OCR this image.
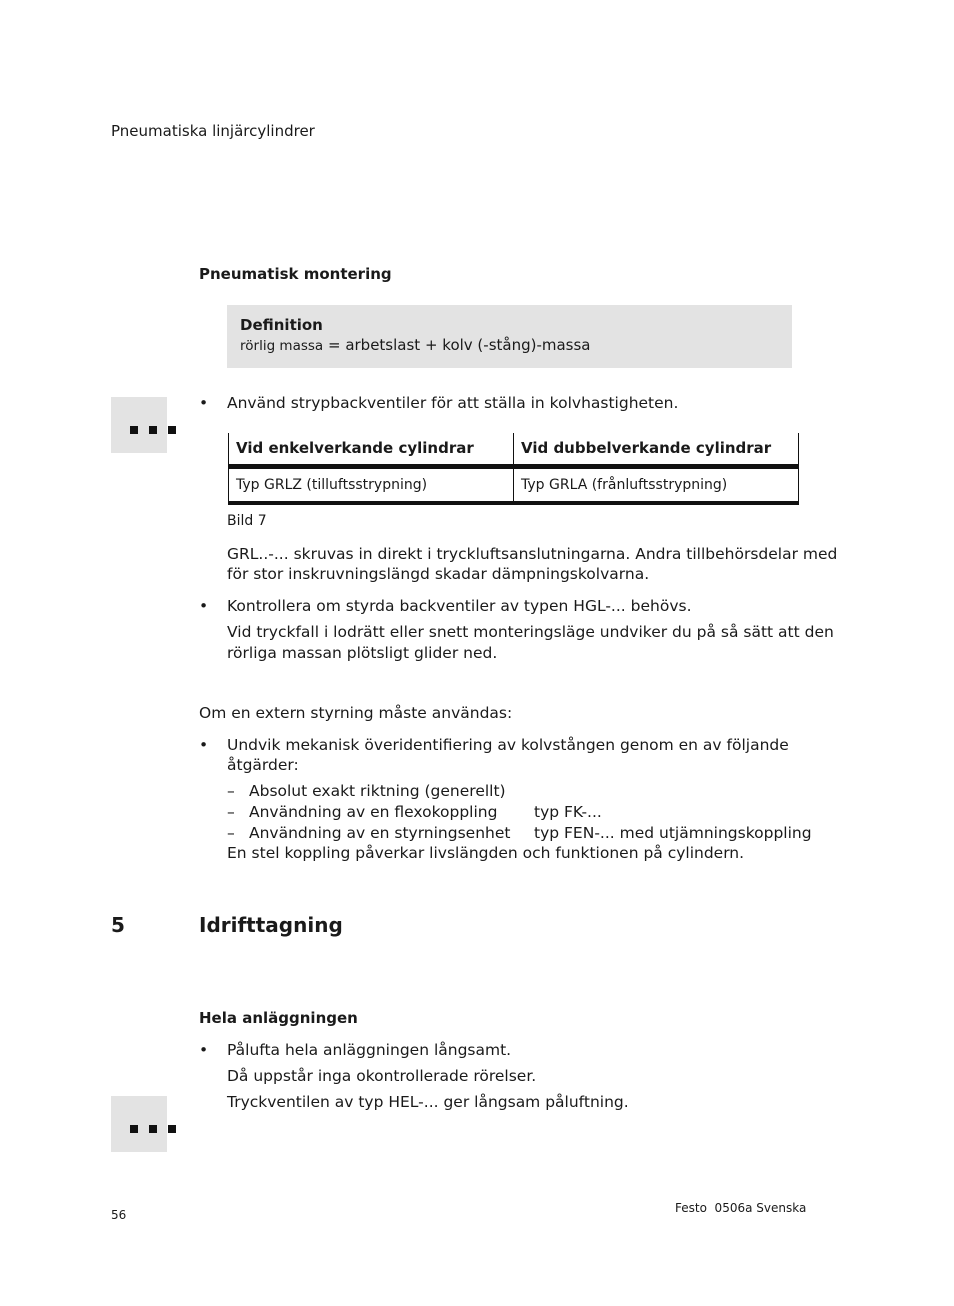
Pneumatiska linjärcylindrer
Pneumatisk montering
Definition
rörlig massa = arbetslast + kolv (-stång)-massa
• Använd strypbackventiler för att ställa in kolvhastigheten.
Vid enkelverkande cylindrar	Vid dubbelverkande cylindrar
Typ GRLZ (tilluftsstrypning)	Typ GRLA (frånluftsstrypning)
Bild 7
GRL..-... skruvas in direkt i tryckluftsanslutningarna. Andra tillbehörsdelar med
för stor inskruvningslängd skadar dämpningskolvarna.
• Kontrollera om styrda backventiler av typen HGL-... behövs.
Vid tryckfall i lodrätt eller snett monteringsläge undviker du på så sätt att den
rörliga massan plötsligt glider ned.
Om en extern styrning måste användas:
• Undvik mekanisk överidentifiering av kolvstången genom en av följande
åtgärder:
– Absolut exakt riktning (generellt)
– Användning av en flexokoppling typ FK-...
– Användning av en styrningsenhet typ FEN-... med utjämningskoppling
En stel koppling påverkar livslängden och funktionen på cylindern.
5	Idrifttagning
Hela anläggningen
• Pålufta hela anläggningen långsamt.
Då uppstår inga okontrollerade rörelser.
Tryckventilen av typ HEL-... ger långsam påluftning.
56	Festo  0506a Svenska
